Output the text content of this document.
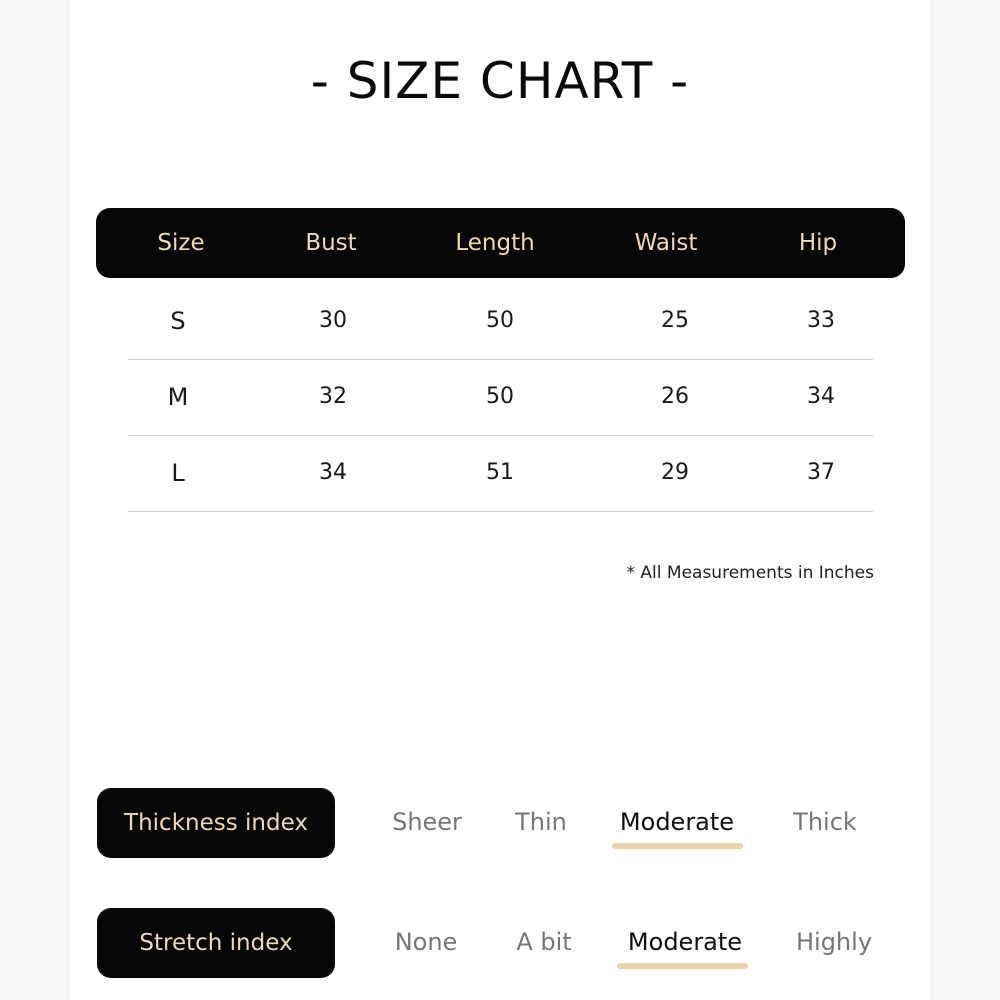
- SIZE CHART -
Size	Bust	Length	Waist	Hip
S	30	50	25	33
M	32	50	26	34
L	34	51	29	37
* All Measurements in Inches
Thickness index	Sheer	Thin	Moderate	Thick
Stretch index	None	A bit	Moderate	Highly
